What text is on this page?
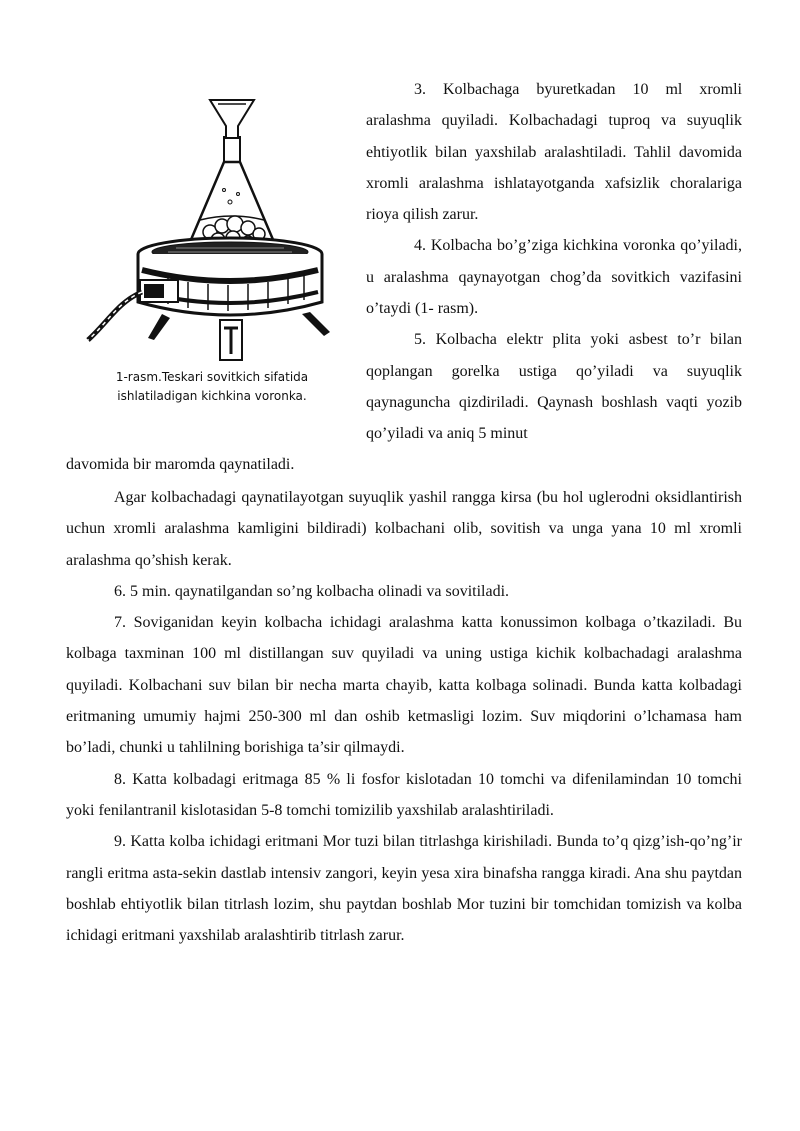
1-rasm.Teskari sovitkich sifatida
ishlatiladigan kichkina voronka.

3. Kolbachaga byuretkadan 10 ml xromli aralashma quyiladi. Kolbachadagi tuproq va suyuqlik ehtiyotlik bilan yaxshilab aralashtiladi. Tahlil davomida xromli aralashma ishlatayotganda xafsizlik choralariga rioya qilish zarur.

4. Kolbacha bo’g’ziga kichkina voronka qo’yiladi, u aralashma qaynayotgan chog’da sovitkich vazifasini o’taydi (1- rasm).

5. Kolbacha elektr plita yoki asbest to’r bilan qoplangan gorelka ustiga qo’yiladi va suyuqlik qaynaguncha qizdiriladi. Qaynash boshlash vaqti yozib qo’yiladi va aniq 5 minut

davomida bir maromda qaynatiladi.

Agar kolbachadagi qaynatilayotgan suyuqlik yashil rangga kirsa (bu hol uglerodni oksidlantirish uchun xromli aralashma kamligini bildiradi) kolbachani olib, sovitish va unga yana 10 ml xromli aralashma qo’shish kerak.

6. 5 min. qaynatilgandan so’ng kolbacha olinadi va sovitiladi.

7. Soviganidan keyin kolbacha ichidagi aralashma katta konussimon kolbaga o’tkaziladi. Bu kolbaga taxminan 100 ml distillangan suv quyiladi va uning ustiga kichik kolbachadagi aralashma quyiladi. Kolbachani suv bilan bir necha marta chayib, katta kolbaga solinadi. Bunda katta kolbadagi eritmaning umumiy hajmi 250-300 ml dan oshib ketmasligi lozim. Suv miqdorini o’lchamasa ham bo’ladi, chunki u tahlilning borishiga ta’sir qilmaydi.

8. Katta kolbadagi eritmaga 85 % li fosfor kislotadan 10 tomchi va difenilamindan 10 tomchi yoki fenilantranil kislotasidan 5-8 tomchi tomizilib yaxshilab aralashtiriladi.

9. Katta kolba ichidagi eritmani Mor tuzi bilan titrlashga kirishiladi. Bunda to’q qizg’ish-qo’ng’ir rangli eritma asta-sekin dastlab intensiv zangori, keyin yesa xira binafsha rangga kiradi. Ana shu paytdan boshlab ehtiyotlik bilan titrlash lozim, shu paytdan boshlab Mor tuzini bir tomchidan tomizish va kolba ichidagi eritmani yaxshilab aralashtirib titrlash zarur.
